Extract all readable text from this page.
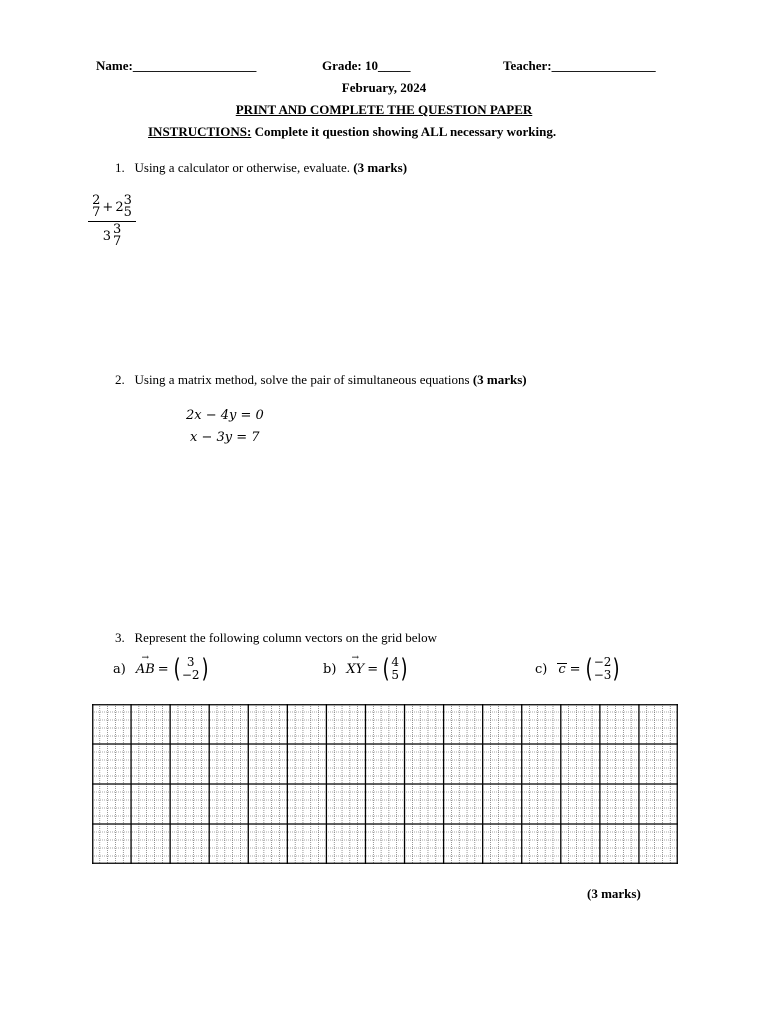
Name:___________________	Grade: 10_____	Teacher:________________
February, 2024
PRINT AND COMPLETE THE QUESTION PAPER
INSTRUCTIONS: Complete it question showing ALL necessary working.
1. Using a calculator or otherwise, evaluate. (3 marks)
2
7 + 2 3
5
3 3
7
2. Using a matrix method, solve the pair of simultaneous equations (3 marks)
2x − 4y = 0
x − 3y = 7
3. Represent the following column vectors on the grid below
a) → AB = ( 3
−2 )	b) → XY = ( 4
5 )	c) c = ( −2
−3 )
(3 marks)
